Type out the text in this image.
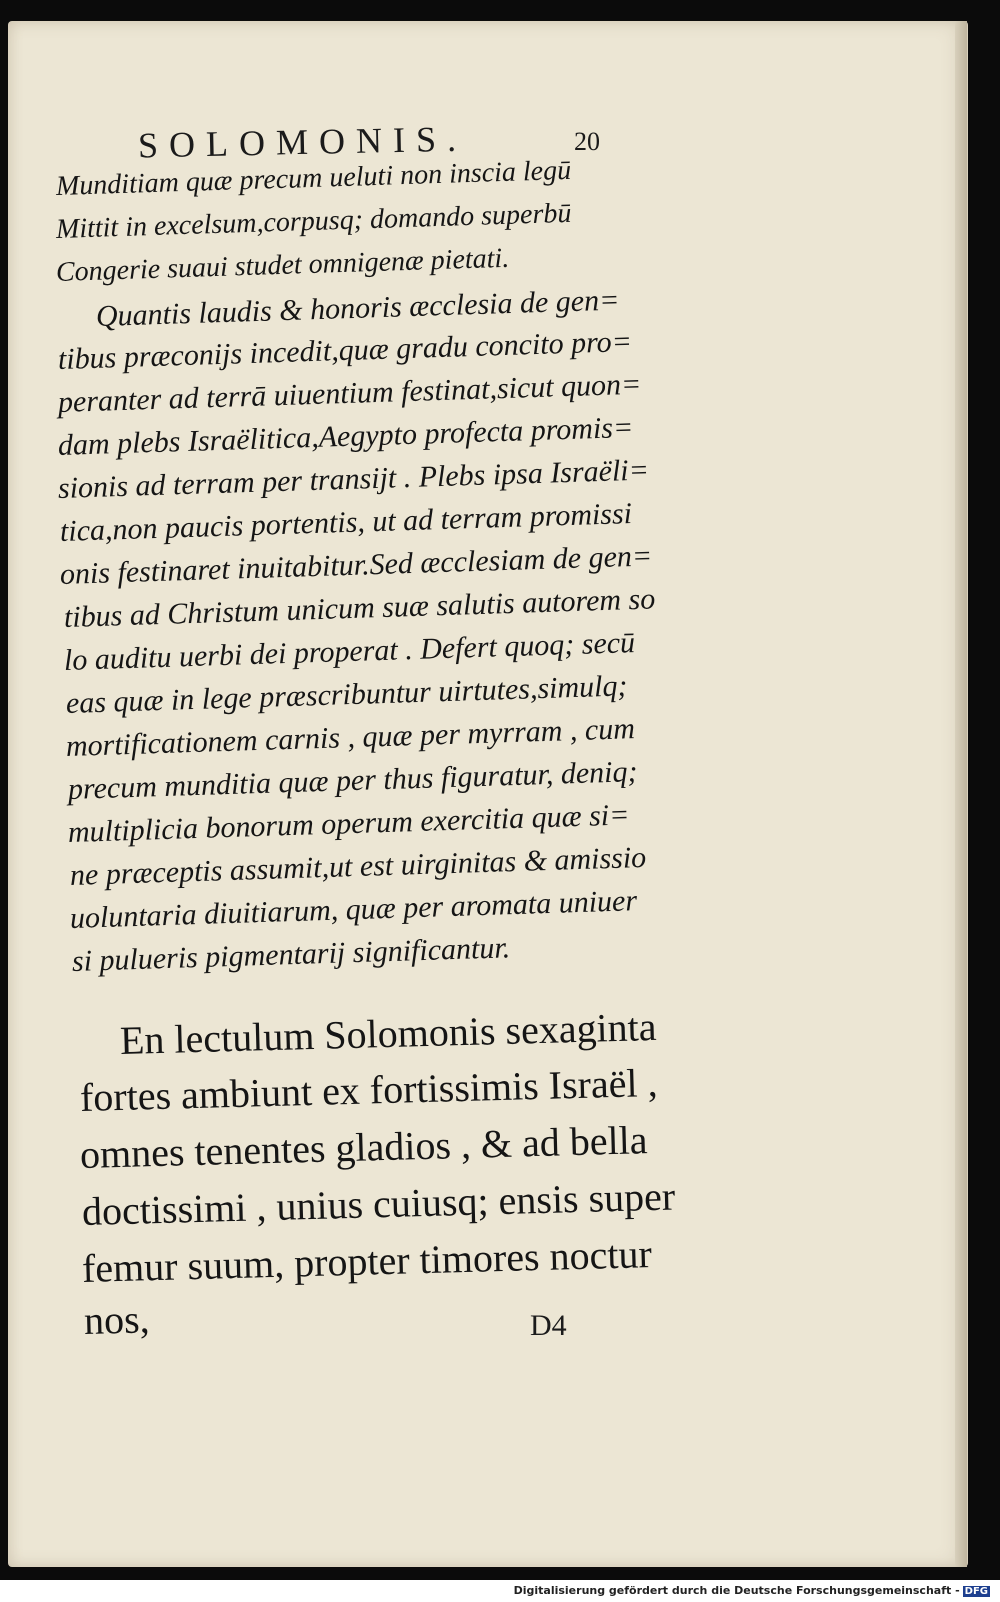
SOLOMONIS.	20
Munditiam quæ precum ueluti non inscia legū
Mittit in excelsum,corpusq; domando superbū
Congerie suaui studet omnigenæ pietati.
Quantis laudis & honoris æcclesia de gen=
tibus præconijs incedit,quæ gradu concito pro=
peranter ad terrā uiuentium festinat,sicut quon=
dam plebs Israëlitica,Aegypto profecta promis=
sionis ad terram per transijt . Plebs ipsa Israëli=
tica,non paucis portentis, ut ad terram promissi
onis festinaret inuitabitur.Sed æcclesiam de gen=
tibus ad Christum unicum suæ salutis autorem so
lo auditu uerbi dei properat . Defert quoq; secū
eas quæ in lege præscribuntur uirtutes,simulq;
mortificationem carnis , quæ per myrram , cum
precum munditia quæ per thus figuratur, deniq;
multiplicia bonorum operum exercitia quæ si=
ne præceptis assumit,ut est uirginitas & amissio
uoluntaria diuitiarum, quæ per aromata uniuer
si pulueris pigmentarij significantur.
En lectulum Solomonis sexaginta
fortes ambiunt ex fortissimis Israël ,
omnes tenentes gladios , & ad bella
doctissimi , unius cuiusq; ensis super
femur suum, propter timores noctur
nos,	D4
Digitalisierung gefördert durch die Deutsche Forschungsgemeinschaft - DFG
